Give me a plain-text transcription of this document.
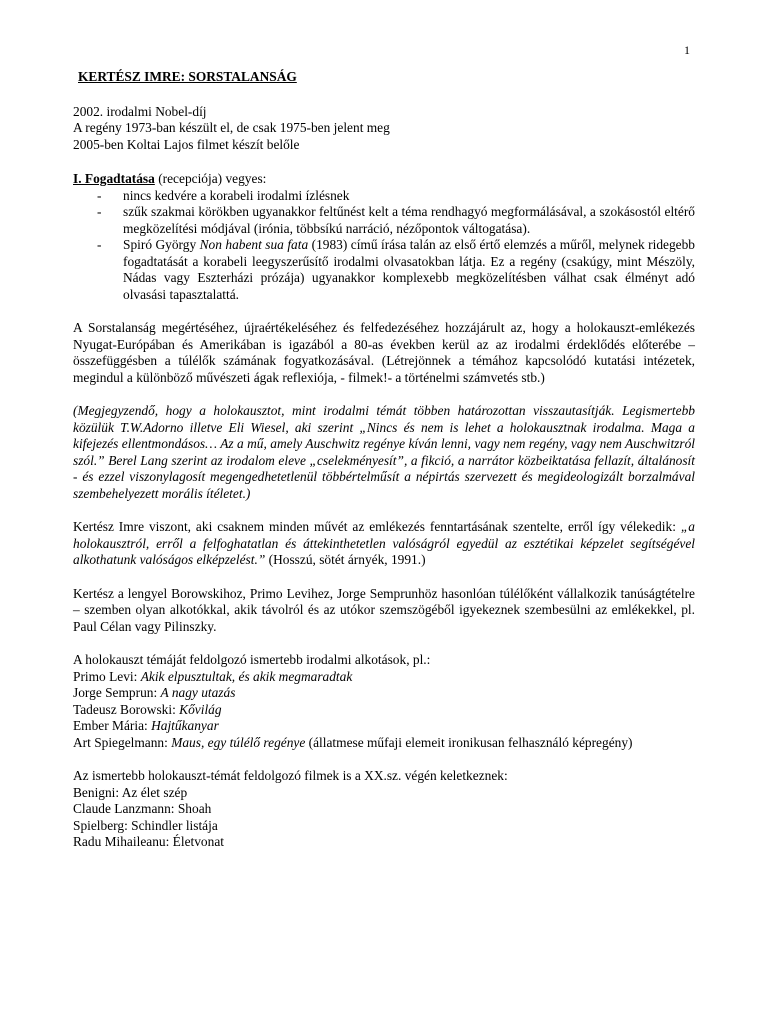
1
KERTÉSZ IMRE: SORSTALANSÁG
2002. irodalmi Nobel-díj
A regény 1973-ban készült el, de csak 1975-ben jelent meg
2005-ben Koltai Lajos filmet készít belőle
I. Fogadtatása (recepciója) vegyes:
- nincs kedvére a korabeli irodalmi ízlésnek
- szűk szakmai körökben ugyanakkor feltűnést kelt a téma rendhagyó megformálásával, a szokásostól eltérő megközelítési módjával (irónia, többsíkú narráció, nézőpontok váltogatása).
- Spiró György Non habent sua fata (1983) című írása talán az első értő elemzés a műről, melynek ridegebb fogadtatását a korabeli leegyszerűsítő irodalmi olvasatokban látja. Ez a regény (csakúgy, mint Mészöly, Nádas vagy Eszterházi prózája) ugyanakkor komplexebb megközelítésben válhat csak élményt adó olvasási tapasztalattá.

A Sorstalanság megértéséhez, újraértékeléséhez és felfedezéséhez hozzájárult az, hogy a holokauszt-emlékezés Nyugat-Európában és Amerikában is igazából a 80-as években kerül az az irodalmi érdeklődés előterébe – összefüggésben a túlélők számának fogyatkozásával. (Létrejönnek a témához kapcsolódó kutatási intézetek, megindul a különböző művészeti ágak reflexiója, - filmek!- a történelmi számvetés stb.)

(Megjegyzendő, hogy a holokausztot, mint irodalmi témát többen határozottan visszautasítják. Legismertebb közülük T.W.Adorno illetve Eli Wiesel, aki szerint „Nincs és nem is lehet a holokausztnak irodalma. Maga a kifejezés ellentmondásos… Az a mű, amely Auschwitz regénye kíván lenni, vagy nem regény, vagy nem Auschwitzról szól.” Berel Lang szerint az irodalom eleve „cselekményesít”, a fikció, a narrátor közbeiktatása fellazít, általánosít - és ezzel viszonylagosít megengedhetetlenül többértelműsít a népirtás szervezett és megideologizált borzalmával szembehelyezett morális ítéletet.)

Kertész Imre viszont, aki csaknem minden művét az emlékezés fenntartásának szentelte, erről így vélekedik: „a holokausztról, erről a felfoghatatlan és áttekinthetetlen valóságról egyedül az esztétikai képzelet segítségével alkothatunk valóságos elképzelést.” (Hosszú, sötét árnyék, 1991.)

Kertész a lengyel Borowskihoz, Primo Levihez, Jorge Semprunhöz hasonlóan túlélőként vállalkozik tanúságtételre – szemben olyan alkotókkal, akik távolról és az utókor szemszögéből igyekeznek szembesülni az emlékekkel, pl. Paul Célan vagy Pilinszky.

A holokauszt témáját feldolgozó ismertebb irodalmi alkotások, pl.:
Primo Levi: Akik elpusztultak, és akik megmaradtak
Jorge Semprun: A nagy utazás
Tadeusz Borowski: Kővilág
Ember Mária: Hajtűkanyar
Art Spiegelmann: Maus, egy túlélő regénye (állatmese műfaji elemeit ironikusan felhasználó képregény)
Az ismertebb holokauszt-témát feldolgozó filmek is a XX.sz. végén keletkeznek:
Benigni: Az élet szép
Claude Lanzmann: Shoah
Spielberg: Schindler listája
Radu Mihaileanu: Életvonat
